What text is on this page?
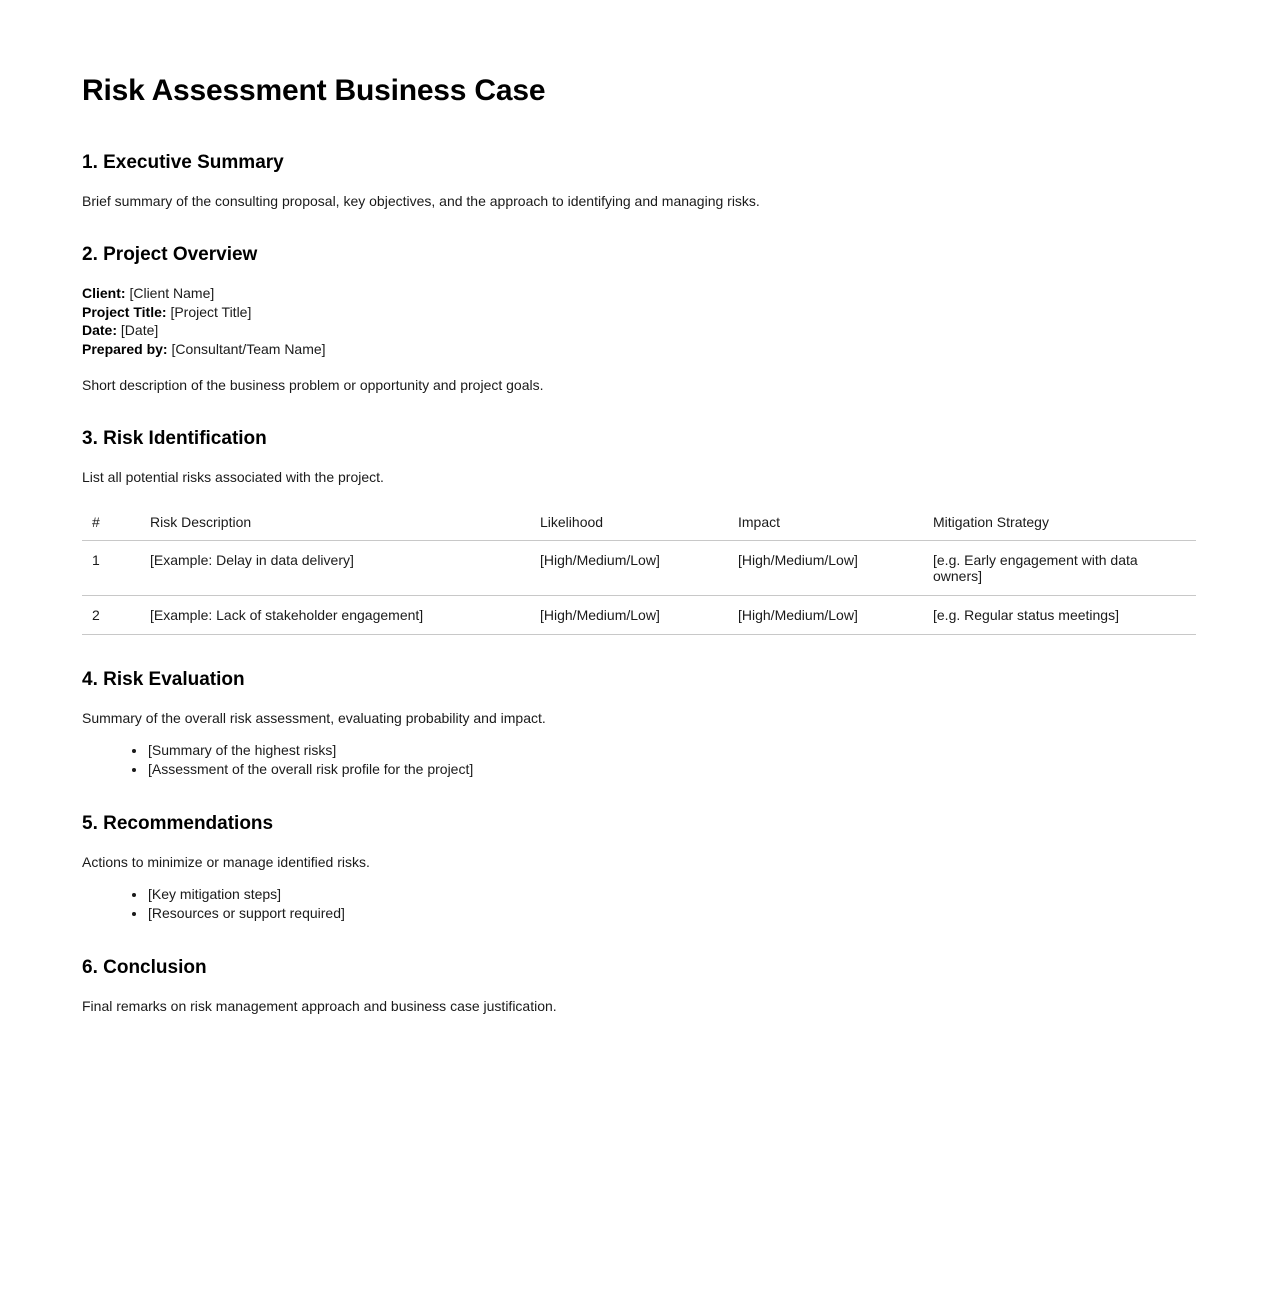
Risk Assessment Business Case
1. Executive Summary

Brief summary of the consulting proposal, key objectives, and the approach to identifying and managing risks.

2. Project Overview
Client: [Client Name]
Project Title: [Project Title]
Date: [Date]
Prepared by: [Consultant/Team Name]

Short description of the business problem or opportunity and project goals.

3. Risk Identification

List all potential risks associated with the project.

#	Risk Description	Likelihood	Impact	Mitigation Strategy
1	[Example: Delay in data delivery]	[High/Medium/Low]	[High/Medium/Low]	[e.g. Early engagement with data owners]
2	[Example: Lack of stakeholder engagement]	[High/Medium/Low]	[High/Medium/Low]	[e.g. Regular status meetings]
4. Risk Evaluation

Summary of the overall risk assessment, evaluating probability and impact.

[Summary of the highest risks]
[Assessment of the overall risk profile for the project]
5. Recommendations

Actions to minimize or manage identified risks.

[Key mitigation steps]
[Resources or support required]
6. Conclusion

Final remarks on risk management approach and business case justification.
